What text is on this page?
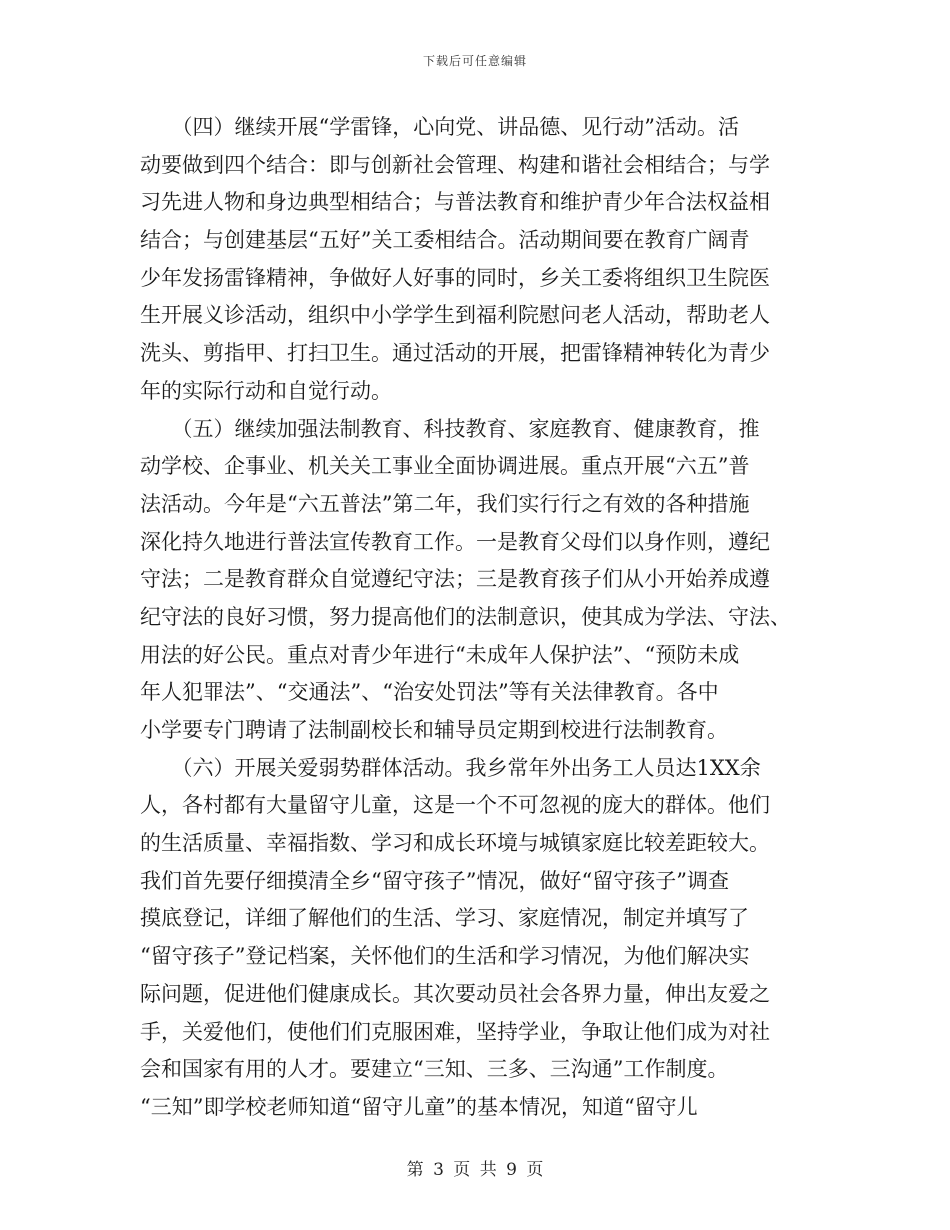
下载后可任意编辑
　　（四）继续开展“学雷锋，心向党、讲品德、见行动”活动。活
动要做到四个结合：即与创新社会管理、构建和谐社会相结合；与学
习先进人物和身边典型相结合；与普法教育和维护青少年合法权益相
结合；与创建基层“五好”关工委相结合。活动期间要在教育广阔青
少年发扬雷锋精神，争做好人好事的同时，乡关工委将组织卫生院医
生开展义诊活动，组织中小学学生到福利院慰问老人活动，帮助老人
洗头、剪指甲、打扫卫生。通过活动的开展，把雷锋精神转化为青少
年的实际行动和自觉行动。
　　（五）继续加强法制教育、科技教育、家庭教育、健康教育，推
动学校、企事业、机关关工事业全面协调进展。重点开展“六五”普
法活动。今年是“六五普法”第二年，我们实行行之有效的各种措施
深化持久地进行普法宣传教育工作。一是教育父母们以身作则，遵纪
守法；二是教育群众自觉遵纪守法；三是教育孩子们从小开始养成遵
纪守法的良好习惯，努力提高他们的法制意识，使其成为学法、守法、
用法的好公民。重点对青少年进行“未成年人保护法”、“预防未成
年人犯罪法”、“交通法”、“治安处罚法”等有关法律教育。各中
小学要专门聘请了法制副校长和辅导员定期到校进行法制教育。
　　（六）开展关爱弱势群体活动。我乡常年外出务工人员达1XX余
人，各村都有大量留守儿童，这是一个不可忽视的庞大的群体。他们
的生活质量、幸福指数、学习和成长环境与城镇家庭比较差距较大。
我们首先要仔细摸清全乡“留守孩子”情况，做好“留守孩子”调查
摸底登记，详细了解他们的生活、学习、家庭情况，制定并填写了
“留守孩子”登记档案，关怀他们的生活和学习情况，为他们解决实
际问题，促进他们健康成长。其次要动员社会各界力量，伸出友爱之
手，关爱他们，使他们们克服困难，坚持学业，争取让他们成为对社
会和国家有用的人才。要建立“三知、三多、三沟通”工作制度。
“三知”即学校老师知道“留守儿童”的基本情况，知道“留守儿
第 3 页 共 9 页
